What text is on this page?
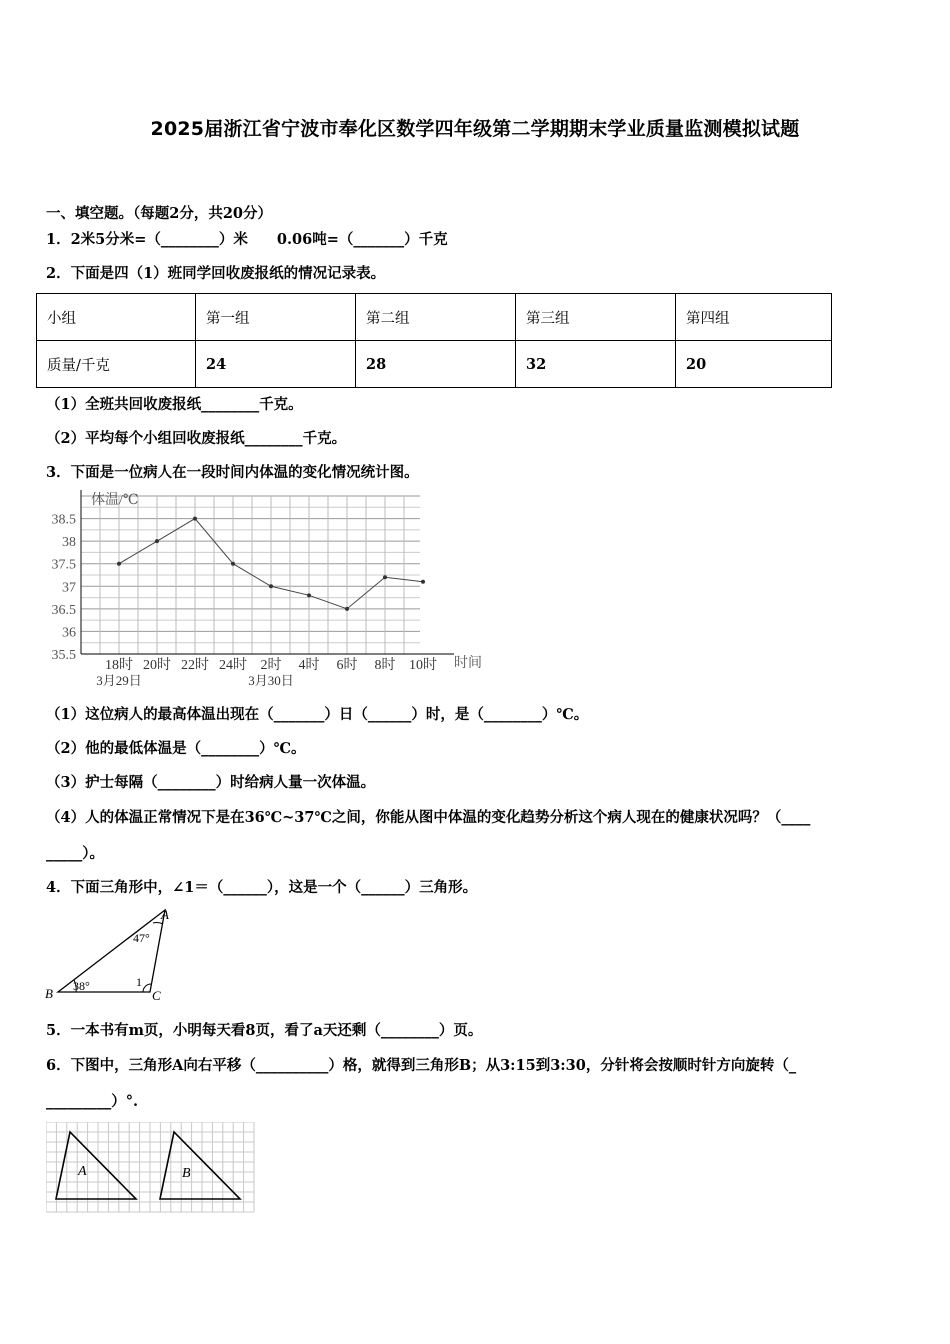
2025届浙江省宁波市奉化区数学四年级第二学期期末学业质量监测模拟试题
一、填空题。（每题2分，共20分）
1．2米5分米=（________）米　　0.06吨=（_______）千克
2．下面是四（1）班同学回收废报纸的情况记录表。
小组	第一组	第二组	第三组	第四组
质量/千克	24	28	32	20
（1）全班共回收废报纸________千克。
（2）平均每个小组回收废报纸________千克。
3．下面是一位病人在一段时间内体温的变化情况统计图。
35.5
36
36.5
37
37.5
38
38.5
18时 20时 22时 24时 2时 4时 6时 8时 10时
3月29日	3月30日
体温/℃
时间
（1）这位病人的最高体温出现在（_______）日（______）时，是（________）℃。
（2）他的最低体温是（________）℃。
（3）护士每隔（________）时给病人量一次体温。
（4）人的体温正常情况下是在36℃~37℃之间，你能从图中体温的变化趋势分析这个病人现在的健康状况吗？（____
_____）。
4．下面三角形中，∠1＝（______），这是一个（______）三角形。
A
B	C
47°
38°	1
5．一本书有m页，小明每天看8页，看了a天还剩（________）页。
6．下图中，三角形A向右平移（__________）格，就得到三角形B；从3:15到3:30，分针将会按顺时针方向旋转（_
_________）°.
A	B
